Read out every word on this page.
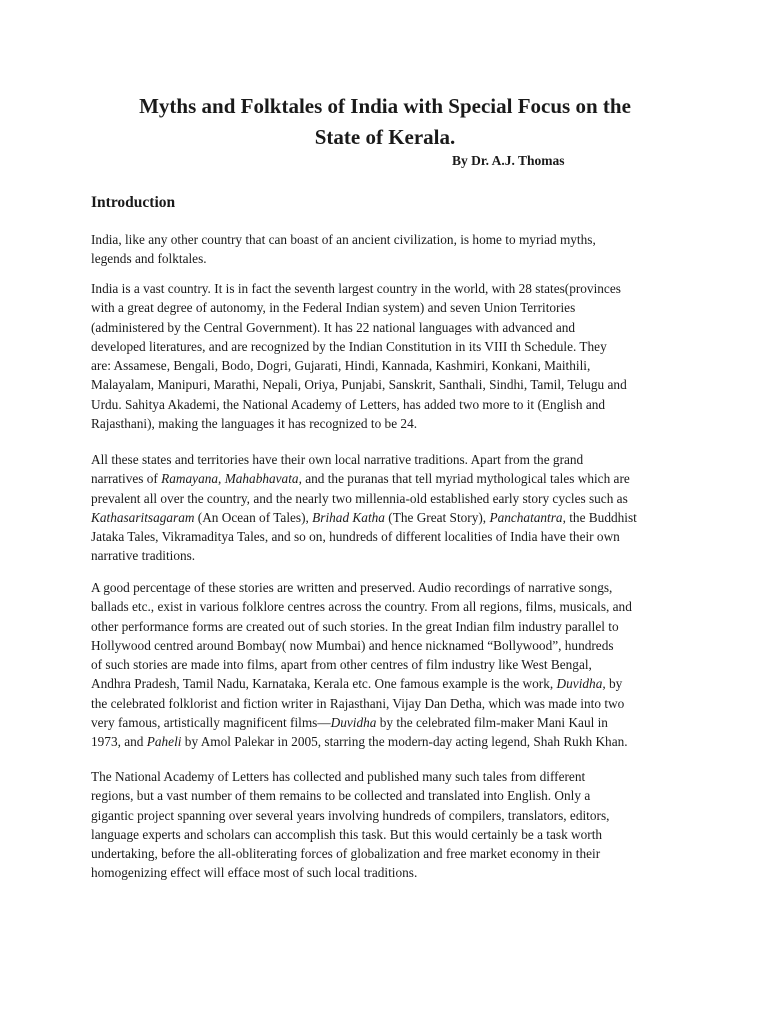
Myths and Folktales of India with Special Focus on the
State of Kerala.

By Dr. A.J. Thomas

Introduction

India, like any other country that can boast of an ancient civilization, is home to myriad myths,
legends and folktales.

India is a vast country. It is in fact the seventh largest country in the world, with 28 states(provinces
with a great degree of autonomy, in the Federal Indian system) and seven Union Territories
(administered by the Central Government). It has 22 national languages with advanced and
developed literatures, and are recognized by the Indian Constitution in its VIII th Schedule. They
are: Assamese, Bengali, Bodo, Dogri, Gujarati, Hindi, Kannada, Kashmiri, Konkani, Maithili,
Malayalam, Manipuri, Marathi, Nepali, Oriya, Punjabi, Sanskrit, Santhali, Sindhi, Tamil, Telugu and
Urdu. Sahitya Akademi, the National Academy of Letters, has added two more to it (English and
Rajasthani), making the languages it has recognized to be 24.

All these states and territories have their own local narrative traditions. Apart from the grand
narratives of Ramayana, Mahabhavata, and the puranas that tell myriad mythological tales which are
prevalent all over the country, and the nearly two millennia-old established early story cycles such as
Kathasaritsagaram (An Ocean of Tales), Brihad Katha (The Great Story), Panchatantra, the Buddhist
Jataka Tales, Vikramaditya Tales, and so on, hundreds of different localities of India have their own
narrative traditions.

A good percentage of these stories are written and preserved. Audio recordings of narrative songs,
ballads etc., exist in various folklore centres across the country. From all regions, films, musicals, and
other performance forms are created out of such stories. In the great Indian film industry parallel to
Hollywood centred around Bombay( now Mumbai) and hence nicknamed “Bollywood”, hundreds
of such stories are made into films, apart from other centres of film industry like West Bengal,
Andhra Pradesh, Tamil Nadu, Karnataka, Kerala etc. One famous example is the work, Duvidha, by
the celebrated folklorist and fiction writer in Rajasthani, Vijay Dan Detha, which was made into two
very famous, artistically magnificent films—Duvidha by the celebrated film-maker Mani Kaul in
1973, and Paheli by Amol Palekar in 2005, starring the modern-day acting legend, Shah Rukh Khan.

The National Academy of Letters has collected and published many such tales from different
regions, but a vast number of them remains to be collected and translated into English. Only a
gigantic project spanning over several years involving hundreds of compilers, translators, editors,
language experts and scholars can accomplish this task. But this would certainly be a task worth
undertaking, before the all-obliterating forces of globalization and free market economy in their
homogenizing effect will efface most of such local traditions.
